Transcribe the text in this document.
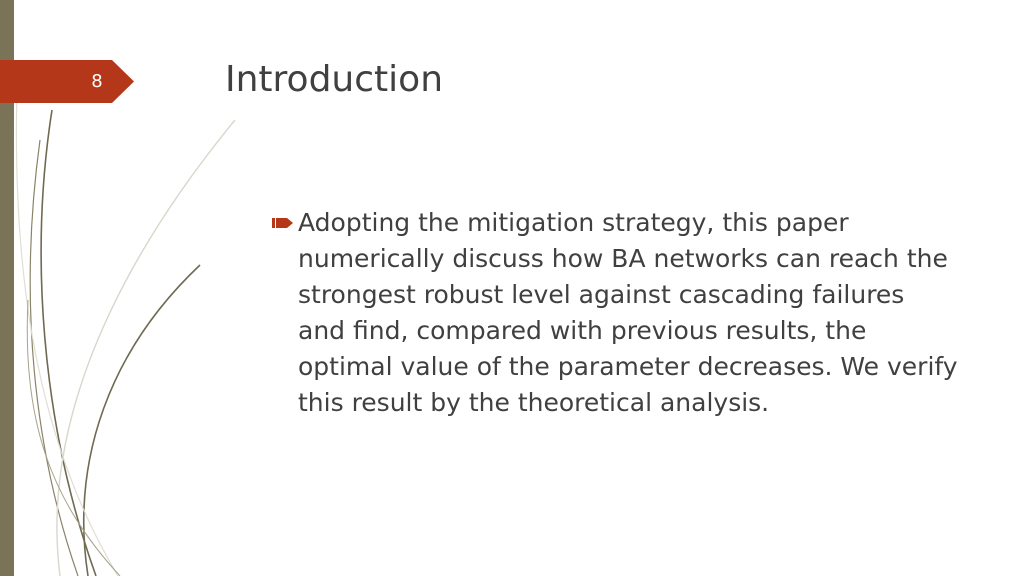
8	Introduction
Adopting the mitigation strategy, this paper numerically discuss how BA networks can reach the strongest robust level against cascading failures and find, compared with previous results, the optimal value of the parameter decreases. We verify this result by the theoretical analysis.
